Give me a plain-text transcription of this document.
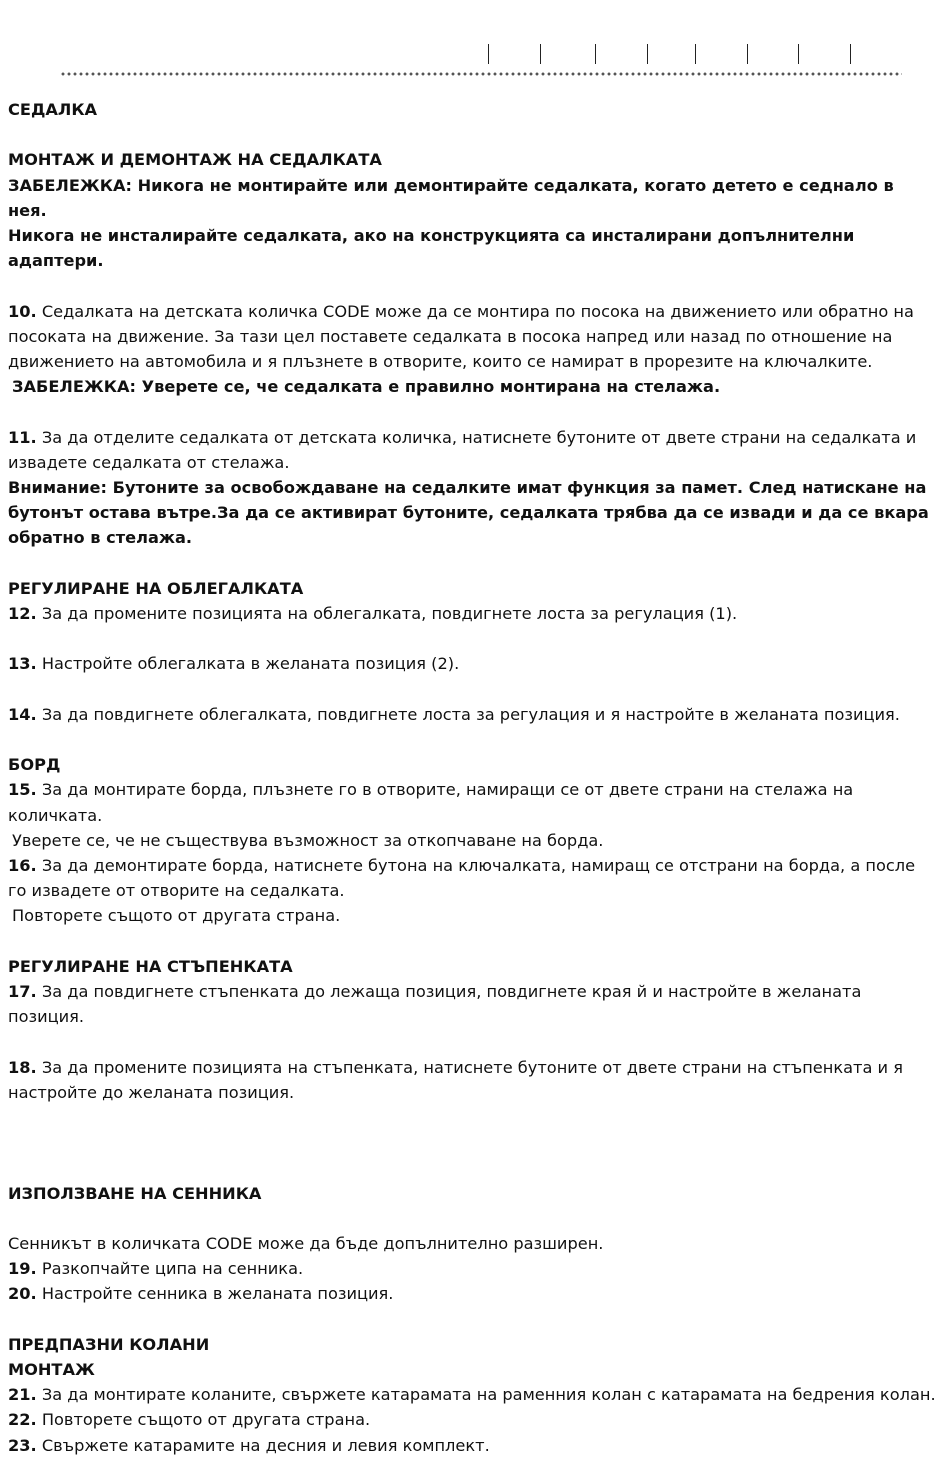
СЕДАЛКА

МОНТАЖ И ДЕМОНТАЖ НА СЕДАЛКАТА

ЗАБЕЛЕЖКА: Никога не монтирайте или демонтирайте седалката, когато детето е седнало в нея.

Никога не инсталирайте седалката, ако на конструкцията са инсталирани допълнителни адаптери.

10. Седалката на детската количка CODE може да се монтира по посока на движението или обратно на

посоката на движение. За тази цел поставете седалката в посока напред или назад по отношение на

движението на автомобила и я плъзнете в отворите, които се намират в прорезите на ключалките.

ЗАБЕЛЕЖКА: Уверете се, че седалката е правилно монтирана на стелажа.

11. За да отделите седалката от детската количка, натиснете бутоните от двете страни на седалката и

извадете седалката от стелажа.

Внимание: Бутоните за освобождаване на седалките имат функция за памет. След натискане на

бутонът остава вътре.За да се активират бутоните, седалката трябва да се извади и да се вкара

обратно в стелажа.

РЕГУЛИРАНЕ НА ОБЛЕГАЛКАТА

12. За да промените позицията на облегалката, повдигнете лоста за регулация (1).

13. Настройте облегалката в желаната позиция (2).

14. За да повдигнете облегалката, повдигнете лоста за регулация и я настройте в желаната позиция.

БОРД

15. За да монтирате борда, плъзнете го в отворите, намиращи се от двете страни на стелажа на

количката.

Уверете се, че не съществува възможност за откопчаване на борда.

16. За да демонтирате борда, натиснете бутона на ключалката, намиращ се отстрани на борда, а после

го извадете от отворите на седалката.

Повторете същото от другата страна.

РЕГУЛИРАНЕ НА СТЪПЕНКАТА

17. За да повдигнете стъпенката до лежаща позиция, повдигнете края й и настройте в желаната

позиция.

18. За да промените позицията на стъпенката, натиснете бутоните от двете страни на стъпенката и я

настройте до желаната позиция.

ИЗПОЛЗВАНЕ НА СЕННИКА

Сенникът в количката CODE може да бъде допълнително разширен.

19. Разкопчайте ципа на сенника.

20. Настройте сенника в желаната позиция.

ПРЕДПАЗНИ КОЛАНИ

МОНТАЖ

21. За да монтирате коланите, свържете катарамата на раменния колан с катарамата на бедрения колан.

22. Повторете същото от другата страна.

23. Свържете катарамите на десния и левия комплект.
